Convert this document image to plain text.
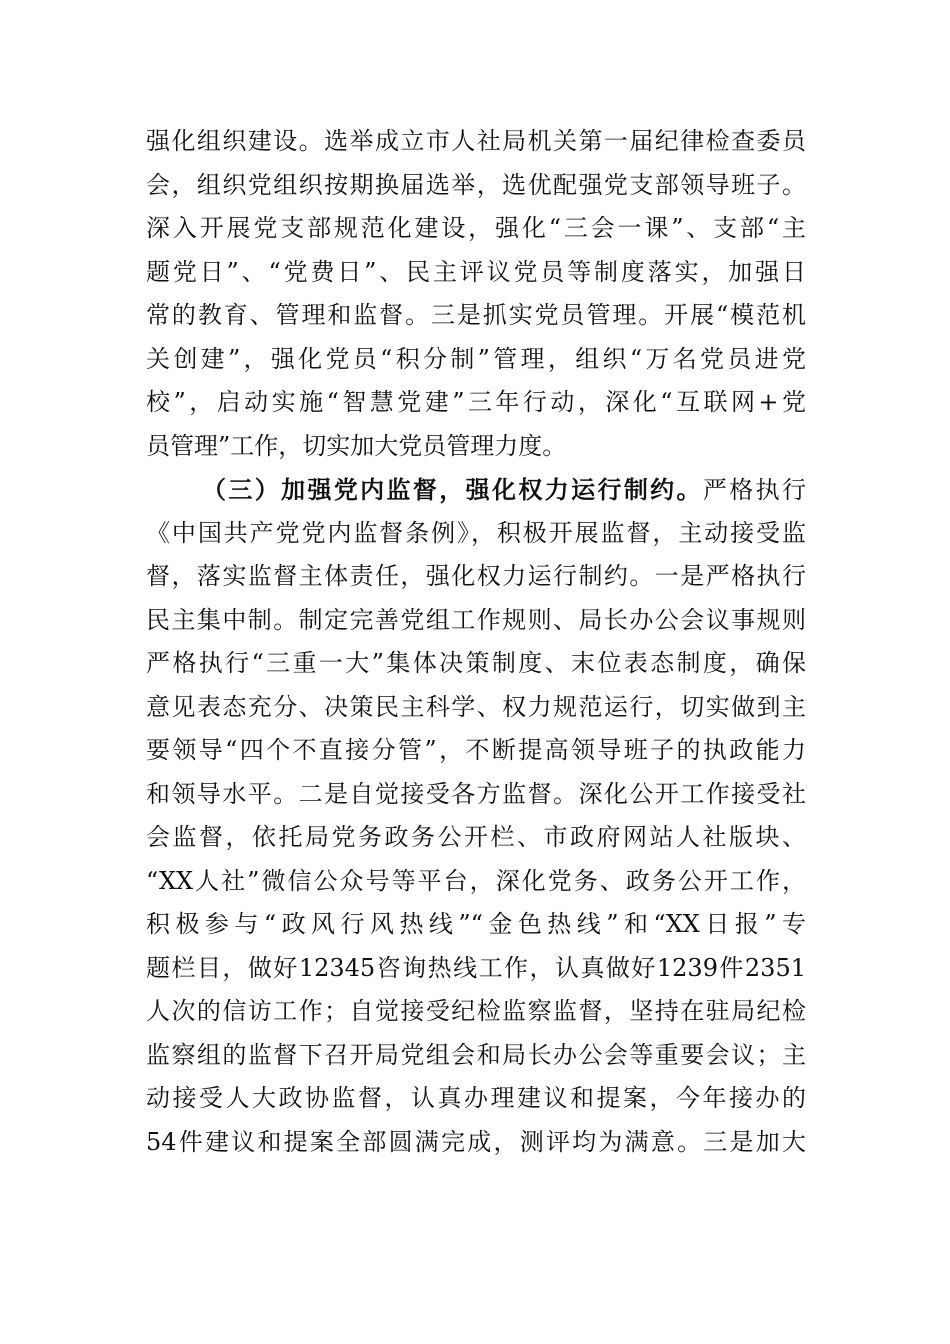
强化组织建设。选举成立市人社局机关第一届纪律检查委员
会，组织党组织按期换届选举，选优配强党支部领导班子。
深入开展党支部规范化建设，强化“三会一课”、支部“主
题党日”、“党费日”、民主评议党员等制度落实，加强日
常的教育、管理和监督。三是抓实党员管理。开展“模范机
关创建”，强化党员“积分制”管理，组织“万名党员进党
校”，启动实施“智慧党建”三年行动，深化“互联网+党
员管理”工作，切实加大党员管理力度。
（三）加强党内监督，强化权力运行制约。严格执行
《中国共产党党内监督条例》，积极开展监督，主动接受监
督，落实监督主体责任，强化权力运行制约。一是严格执行
民主集中制。制定完善党组工作规则、局长办公会议事规则
严格执行“三重一大”集体决策制度、末位表态制度，确保
意见表态充分、决策民主科学、权力规范运行，切实做到主
要领导“四个不直接分管”，不断提高领导班子的执政能力
和领导水平。二是自觉接受各方监督。深化公开工作接受社
会监督，依托局党务政务公开栏、市政府网站人社版块、
“XX人社”微信公众号等平台，深化党务、政务公开工作，
积极参与“政风行风热线”“金色热线”和“XX日报”专
题栏目，做好12345咨询热线工作，认真做好1239件2351
人次的信访工作；自觉接受纪检监察监督，坚持在驻局纪检
监察组的监督下召开局党组会和局长办公会等重要会议；主
动接受人大政协监督，认真办理建议和提案，今年接办的
54件建议和提案全部圆满完成，测评均为满意。三是加大
